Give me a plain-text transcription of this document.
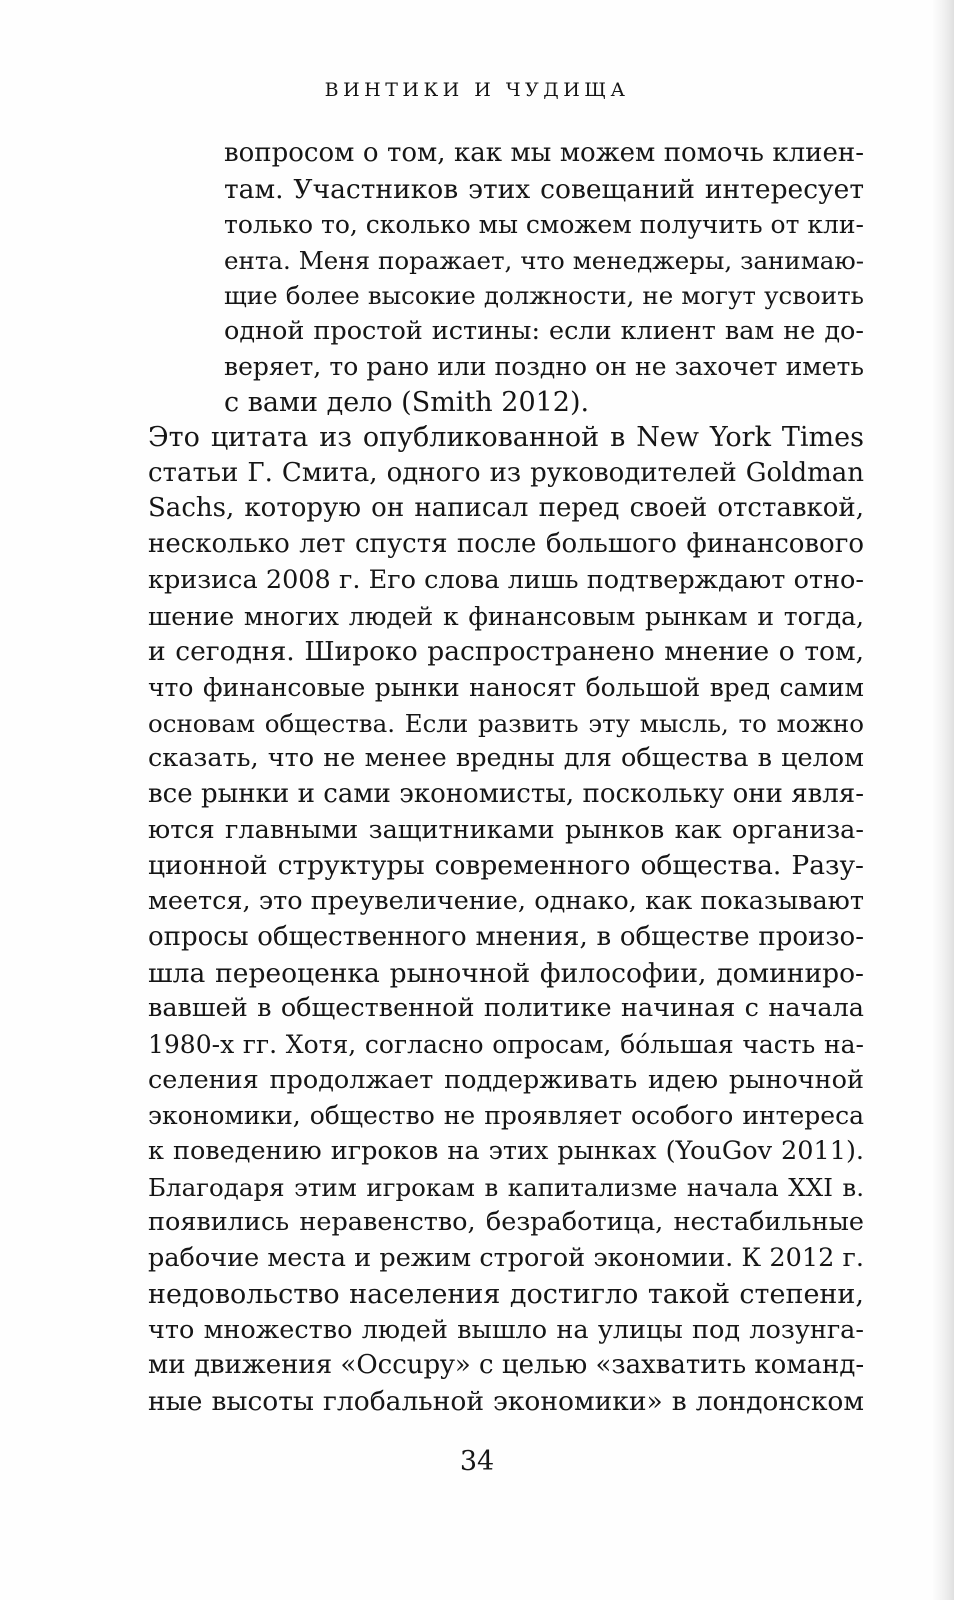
ВИНТИКИ И ЧУДИЩА
вопросом о том, как мы можем помочь клиен-
там. Участников этих совещаний интересует
только то, сколько мы сможем получить от кли-
ента. Меня поражает, что менеджеры, занимаю-
щие более высокие должности, не могут усвоить
одной простой истины: если клиент вам не до-
веряет, то рано или поздно он не захочет иметь
с вами дело (Smith 2012).
Это цитата из опубликованной в New York Times
статьи Г. Смита, одного из руководителей Goldman
Sachs, которую он написал перед своей отставкой,
несколько лет спустя после большого финансового
кризиса 2008 г. Его слова лишь подтверждают отно-
шение многих людей к финансовым рынкам и тогда,
и сегодня. Широко распространено мнение о том,
что финансовые рынки наносят большой вред самим
основам общества. Если развить эту мысль, то можно
сказать, что не менее вредны для общества в целом
все рынки и сами экономисты, поскольку они явля-
ются главными защитниками рынков как организа-
ционной структуры современного общества. Разу-
меется, это преувеличение, однако, как показывают
опросы общественного мнения, в обществе произо-
шла переоценка рыночной философии, доминиро-
вавшей в общественной политике начиная с начала
1980-х гг. Хотя, согласно опросам, бóльшая часть на-
селения продолжает поддерживать идею рыночной
экономики, общество не проявляет особого интереса
к поведению игроков на этих рынках (YouGov 2011).
Благодаря этим игрокам в капитализме начала XXI в.
появились неравенство, безработица, нестабильные
рабочие места и режим строгой экономии. К 2012 г.
недовольство населения достигло такой степени,
что множество людей вышло на улицы под лозунга-
ми движения «Occupy» с целью «захватить команд-
ные высоты глобальной экономики» в лондонском
34
